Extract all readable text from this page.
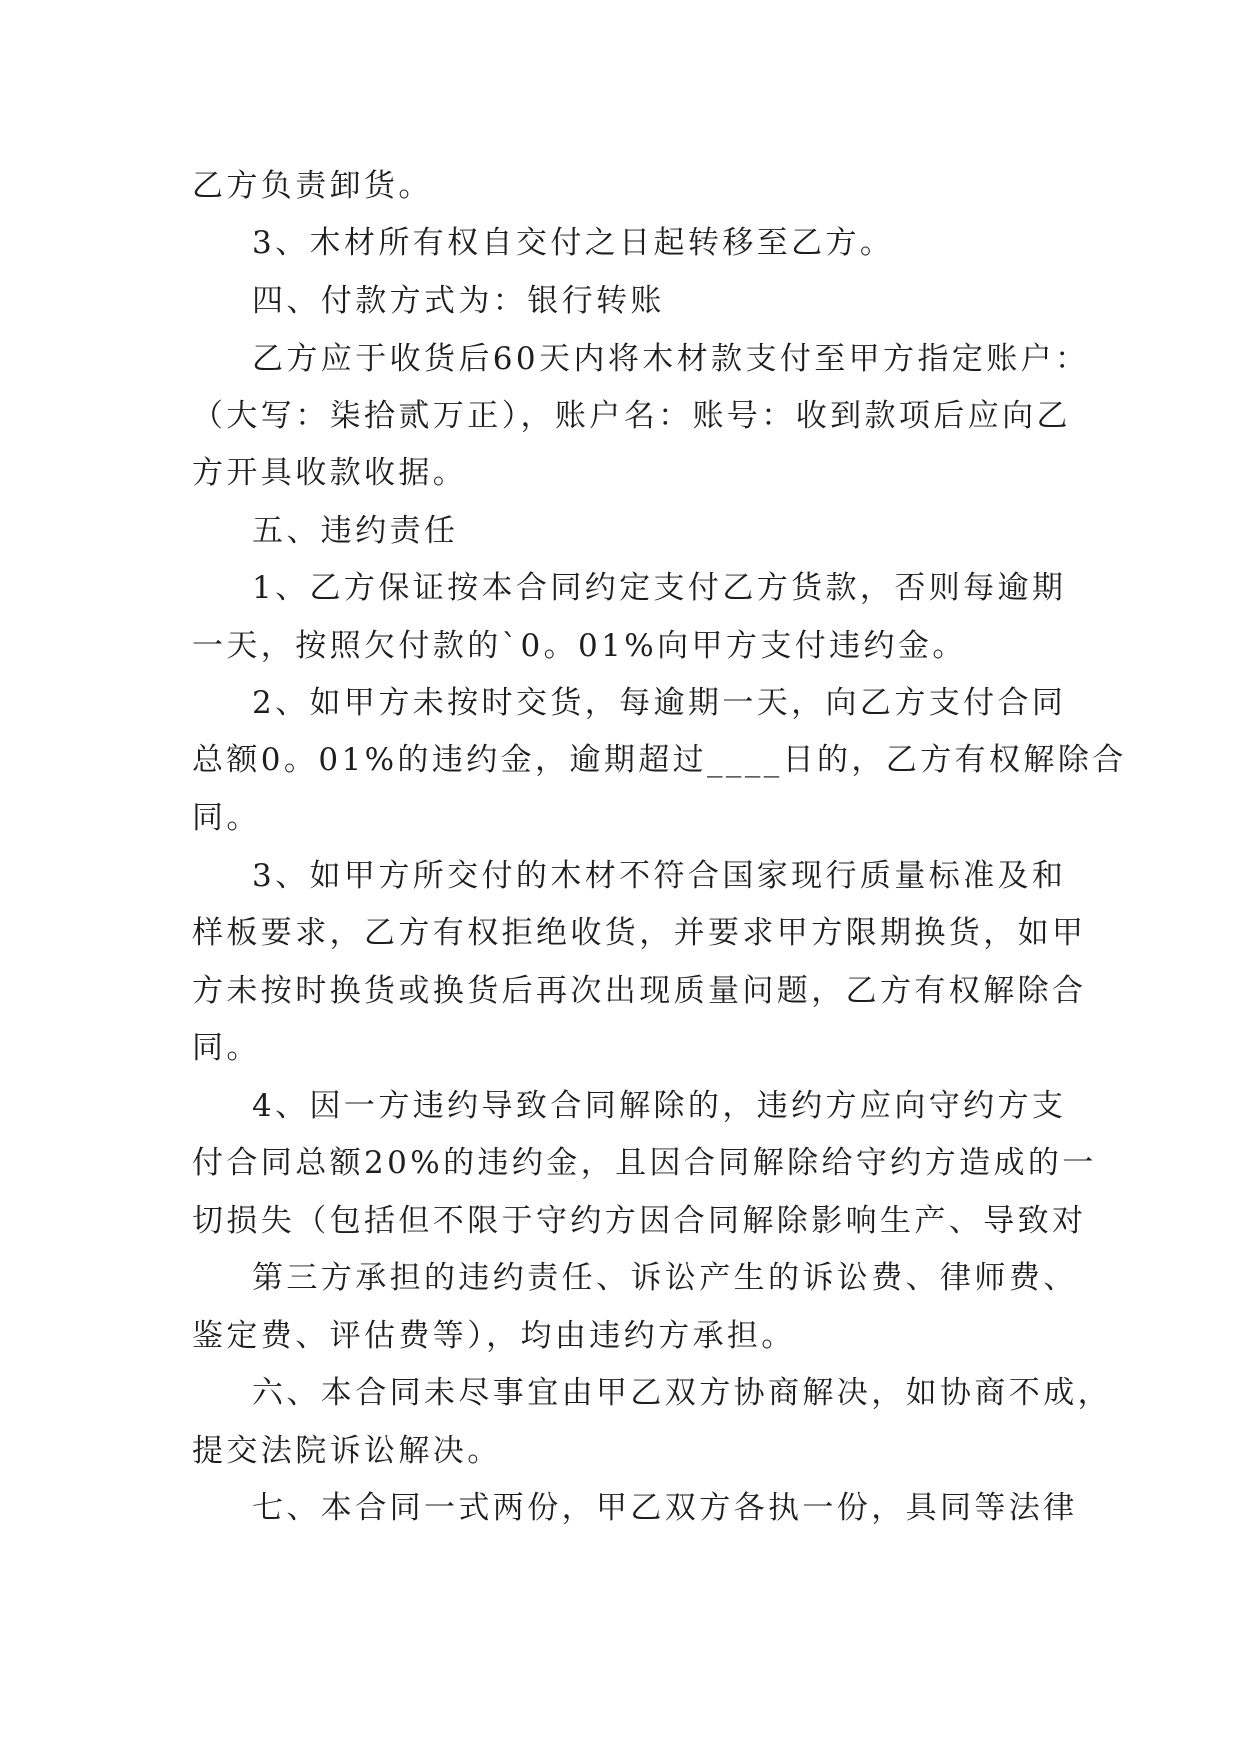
乙方负责卸货。
3、木材所有权自交付之日起转移至乙方。
四、付款方式为：银行转账
乙方应于收货后60天内将木材款支付至甲方指定账户：
（大写：柒拾贰万正），账户名：账号：收到款项后应向乙
方开具收款收据。
五、违约责任
1、乙方保证按本合同约定支付乙方货款，否则每逾期
一天，按照欠付款的`0。01%向甲方支付违约金。
2、如甲方未按时交货，每逾期一天，向乙方支付合同
总额0。01%的违约金，逾期超过____日的，乙方有权解除合
同。
3、如甲方所交付的木材不符合国家现行质量标准及和
样板要求，乙方有权拒绝收货，并要求甲方限期换货，如甲
方未按时换货或换货后再次出现质量问题，乙方有权解除合
同。
4、因一方违约导致合同解除的，违约方应向守约方支
付合同总额20%的违约金，且因合同解除给守约方造成的一
切损失（包括但不限于守约方因合同解除影响生产、导致对
第三方承担的违约责任、诉讼产生的诉讼费、律师费、
鉴定费、评估费等），均由违约方承担。
六、本合同未尽事宜由甲乙双方协商解决，如协商不成，
提交法院诉讼解决。
七、本合同一式两份，甲乙双方各执一份，具同等法律
